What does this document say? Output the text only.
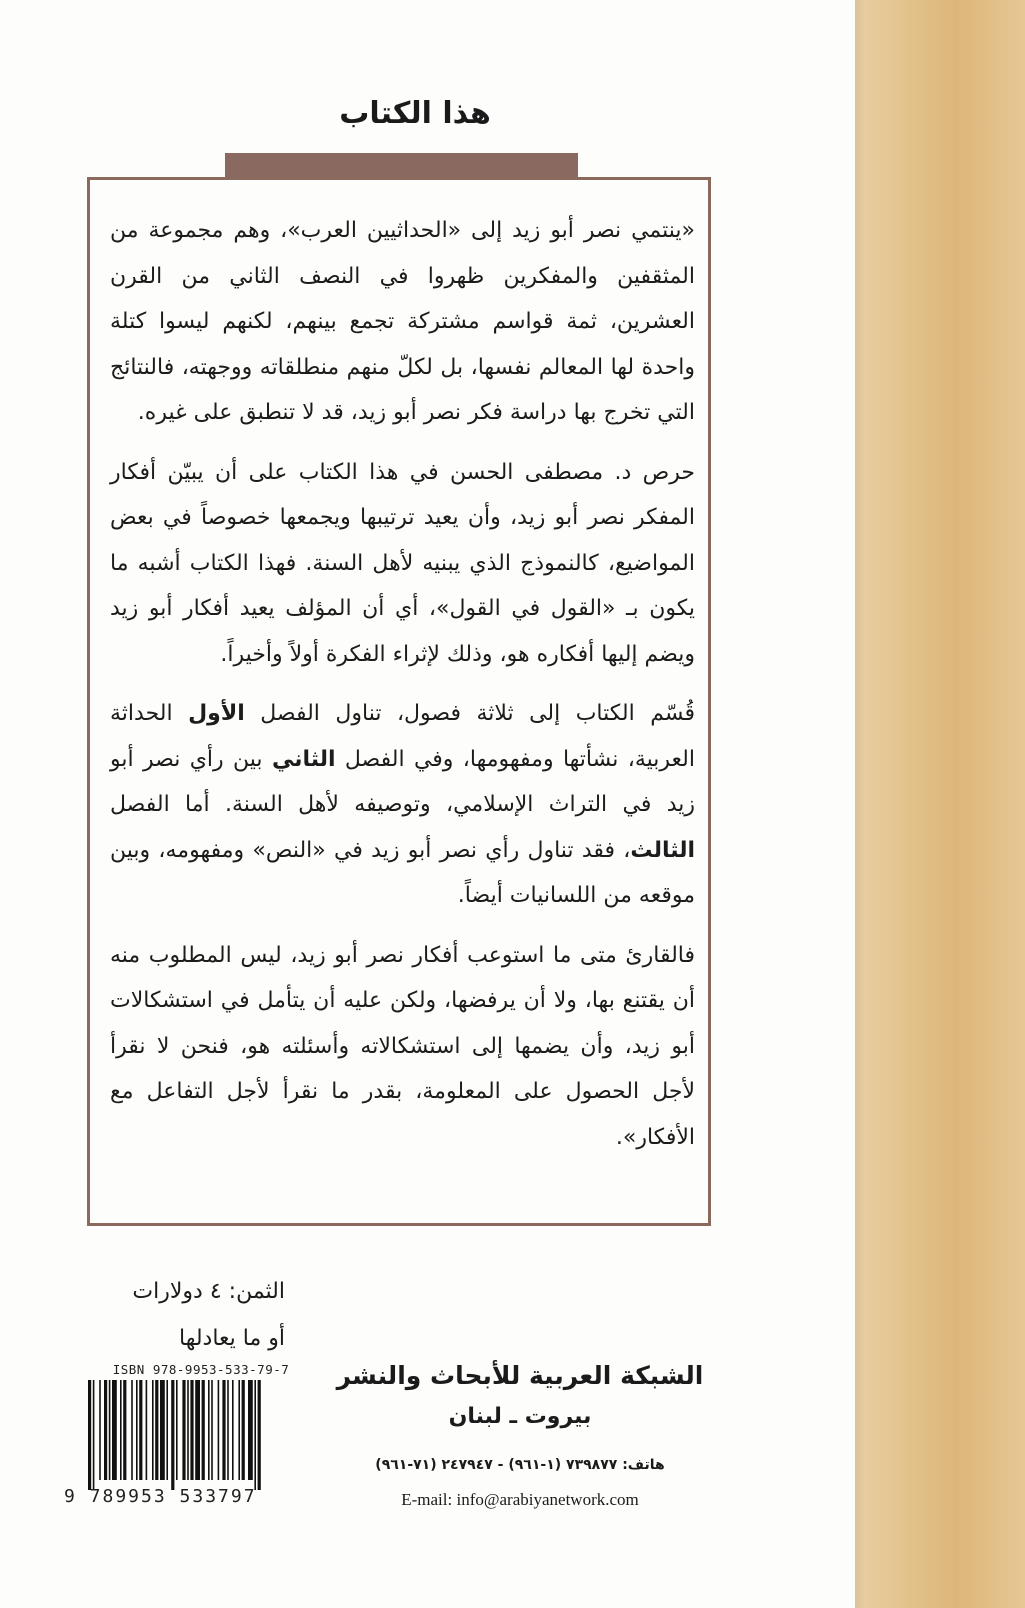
هذا الكتاب

«ينتمي نصر أبو زيد إلى «الحداثيين العرب»، وهم مجموعة من المثقفين والمفكرين ظهروا في النصف الثاني من القرن العشرين، ثمة قواسم مشتركة تجمع بينهم، لكنهم ليسوا كتلة واحدة لها المعالم نفسها، بل لكلّ منهم منطلقاته ووجهته، فالنتائج التي تخرج بها دراسة فكر نصر أبو زيد، قد لا تنطبق على غيره.

حرص د. مصطفى الحسن في هذا الكتاب على أن يبيّن أفكار المفكر نصر أبو زيد، وأن يعيد ترتيبها ويجمعها خصوصاً في بعض المواضيع، كالنموذج الذي يبنيه لأهل السنة. فهذا الكتاب أشبه ما يكون بـ «القول في القول»، أي أن المؤلف يعيد أفكار أبو زيد ويضم إليها أفكاره هو، وذلك لإثراء الفكرة أولاً وأخيراً.

قُسّم الكتاب إلى ثلاثة فصول، تناول الفصل الأول الحداثة العربية، نشأتها ومفهومها، وفي الفصل الثاني بين رأي نصر أبو زيد في التراث الإسلامي، وتوصيفه لأهل السنة. أما الفصل الثالث، فقد تناول رأي نصر أبو زيد في «النص» ومفهومه، وبين موقعه من اللسانيات أيضاً.

فالقارئ متى ما استوعب أفكار نصر أبو زيد، ليس المطلوب منه أن يقتنع بها، ولا أن يرفضها، ولكن عليه أن يتأمل في استشكالات أبو زيد، وأن يضمها إلى استشكالاته وأسئلته هو، فنحن لا نقرأ لأجل الحصول على المعلومة، بقدر ما نقرأ لأجل التفاعل مع الأفكار».

الثمن: ٤ دولارات
أو ما يعادلها
ISBN 978-9953-533-79-7
9 789953 533797
الشبكة العربية للأبحاث والنشر
بيروت ـ لبنان
هاتف: ٧٣٩٨٧٧ (١-٩٦١) - ٢٤٧٩٤٧ (٧١-٩٦١)
E-mail: info@arabiyanetwork.com
